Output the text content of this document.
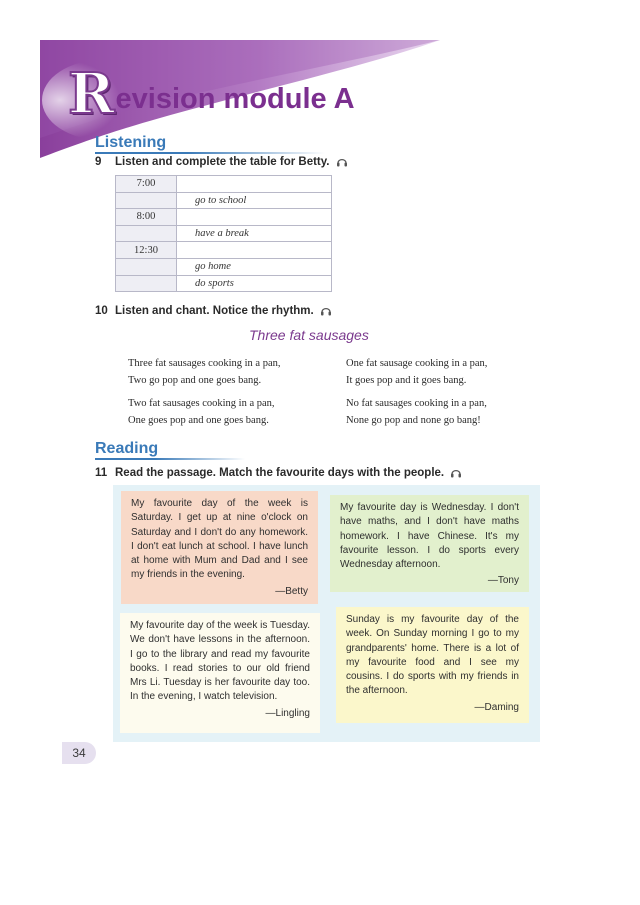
R evision module A
Listening
9	Listen and complete the table for Betty.
7:00	
	go to school
8:00	
	have a break
12:30	
	go home
	do sports
10 Listen and chant. Notice the rhythm.
Three fat sausages
Three fat sausages cooking in a pan,
Two go pop and one goes bang.
One fat sausage cooking in a pan,
It goes pop and it goes bang.
Two fat sausages cooking in a pan,
One goes pop and one goes bang.
No fat sausages cooking in a pan,
None go pop and none go bang!
Reading
11 Read the passage. Match the favourite days with the people.
My favourite day of the week is Saturday. I get up at nine o'clock on Saturday and I don't do any homework. I don't eat lunch at school. I have lunch at home with Mum and Dad and I see my friends in the evening.
—Betty
My favourite day is Wednesday. I don't have maths, and I don't have maths homework. I have Chinese. It's my favourite lesson. I do sports every Wednesday afternoon.
—Tony
My favourite day of the week is Tuesday. We don't have lessons in the afternoon. I go to the library and read my favourite books. I read stories to our old friend Mrs Li. Tuesday is her favourite day too. In the evening, I watch television.
—Lingling
Sunday is my favourite day of the week. On Sunday morning I go to my grandparents' home. There is a lot of my favourite food and I see my cousins. I do sports with my friends in the afternoon.
—Daming
34
